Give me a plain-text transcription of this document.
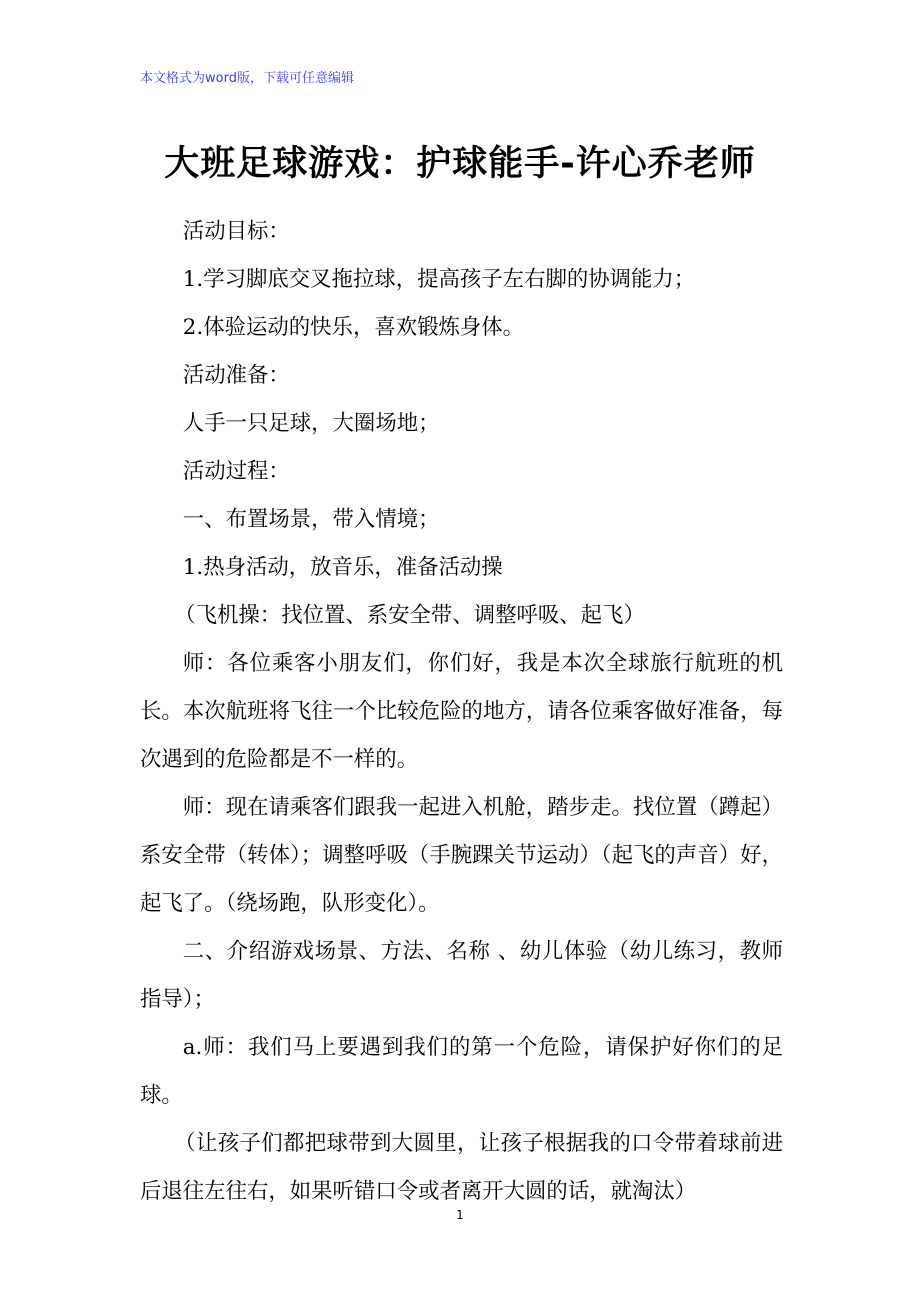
本文格式为word版，下载可任意编辑
大班足球游戏：护球能手-许心乔老师

活动目标：

1.学习脚底交叉拖拉球，提高孩子左右脚的协调能力；

2.体验运动的快乐，喜欢锻炼身体。

活动准备：

人手一只足球，大圈场地；

活动过程：

一、布置场景，带入情境；

1.热身活动，放音乐，准备活动操

（飞机操：找位置、系安全带、调整呼吸、起飞）

师：各位乘客小朋友们，你们好，我是本次全球旅行航班的机长。本次航班将飞往一个比较危险的地方，请各位乘客做好准备，每次遇到的危险都是不一样的。

师：现在请乘客们跟我一起进入机舱，踏步走。找位置（蹲起）系安全带（转体）；调整呼吸（手腕踝关节运动）（起飞的声音）好，起飞了。（绕场跑，队形变化）。

二、介绍游戏场景、方法、名称 、幼儿体验（幼儿练习，教师指导）；

a.师：我们马上要遇到我们的第一个危险，请保护好你们的足球。

（让孩子们都把球带到大圆里，让孩子根据我的口令带着球前进后退往左往右，如果听错口令或者离开大圆的话，就淘汰）

1
